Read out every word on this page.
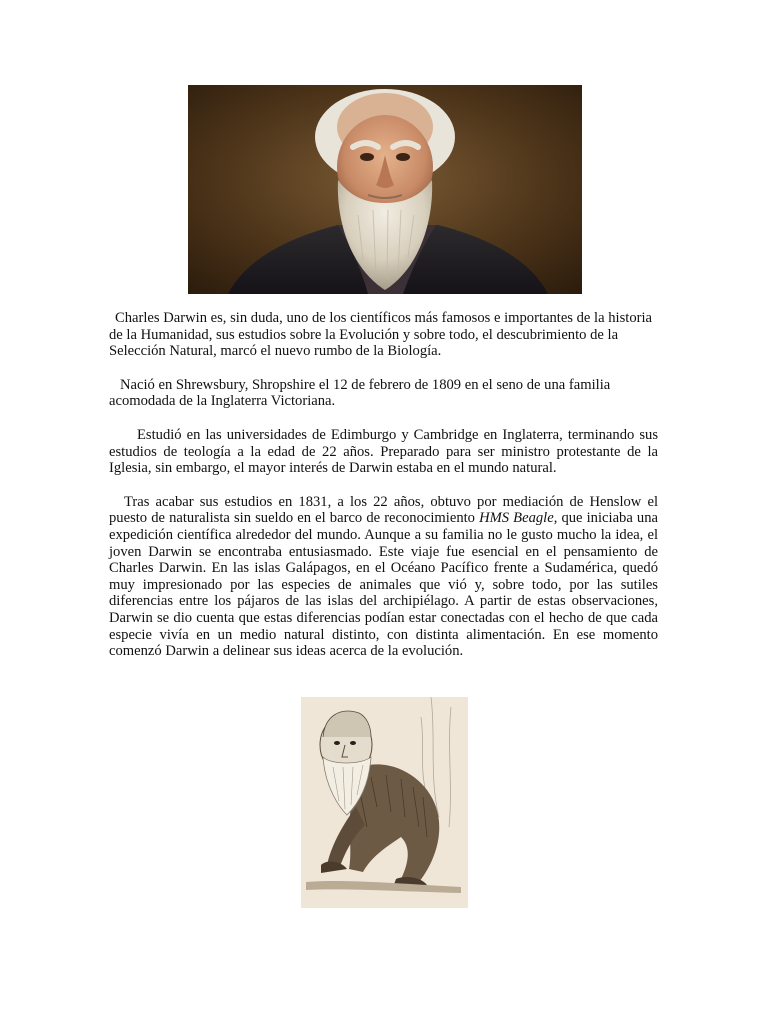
Charles Darwin es, sin duda, uno de los científicos más famosos e importantes de la historia de la Humanidad, sus estudios sobre la Evolución y sobre todo, el descubrimiento de la Selección Natural, marcó el nuevo rumbo de la Biología.

Nació en Shrewsbury, Shropshire el 12 de febrero de 1809 en el seno de una familia acomodada de la Inglaterra Victoriana.

Estudió en las universidades de Edimburgo y Cambridge en Inglaterra, terminando sus estudios de teología a la edad de 22 años. Preparado para ser ministro protestante de la Iglesia, sin embargo, el mayor interés de Darwin estaba en el mundo natural.

Tras acabar sus estudios en 1831, a los 22 años, obtuvo por mediación de Henslow el puesto de naturalista sin sueldo en el barco de reconocimiento HMS Beagle, que iniciaba una expedición científica alrededor del mundo. Aunque a su familia no le gusto mucho la idea, el joven Darwin se encontraba entusiasmado. Este viaje fue esencial en el pensamiento de Charles Darwin. En las islas Galápagos, en el Océano Pacífico frente a Sudamérica, quedó muy impresionado por las especies de animales que vió y, sobre todo, por las sutiles diferencias entre los pájaros de las islas del archipiélago. A partir de estas observaciones, Darwin se dio cuenta que estas diferencias podían estar conectadas con el hecho de que cada especie vivía en un medio natural distinto, con distinta alimentación. En ese momento comenzó Darwin a delinear sus ideas acerca de la evolución.
